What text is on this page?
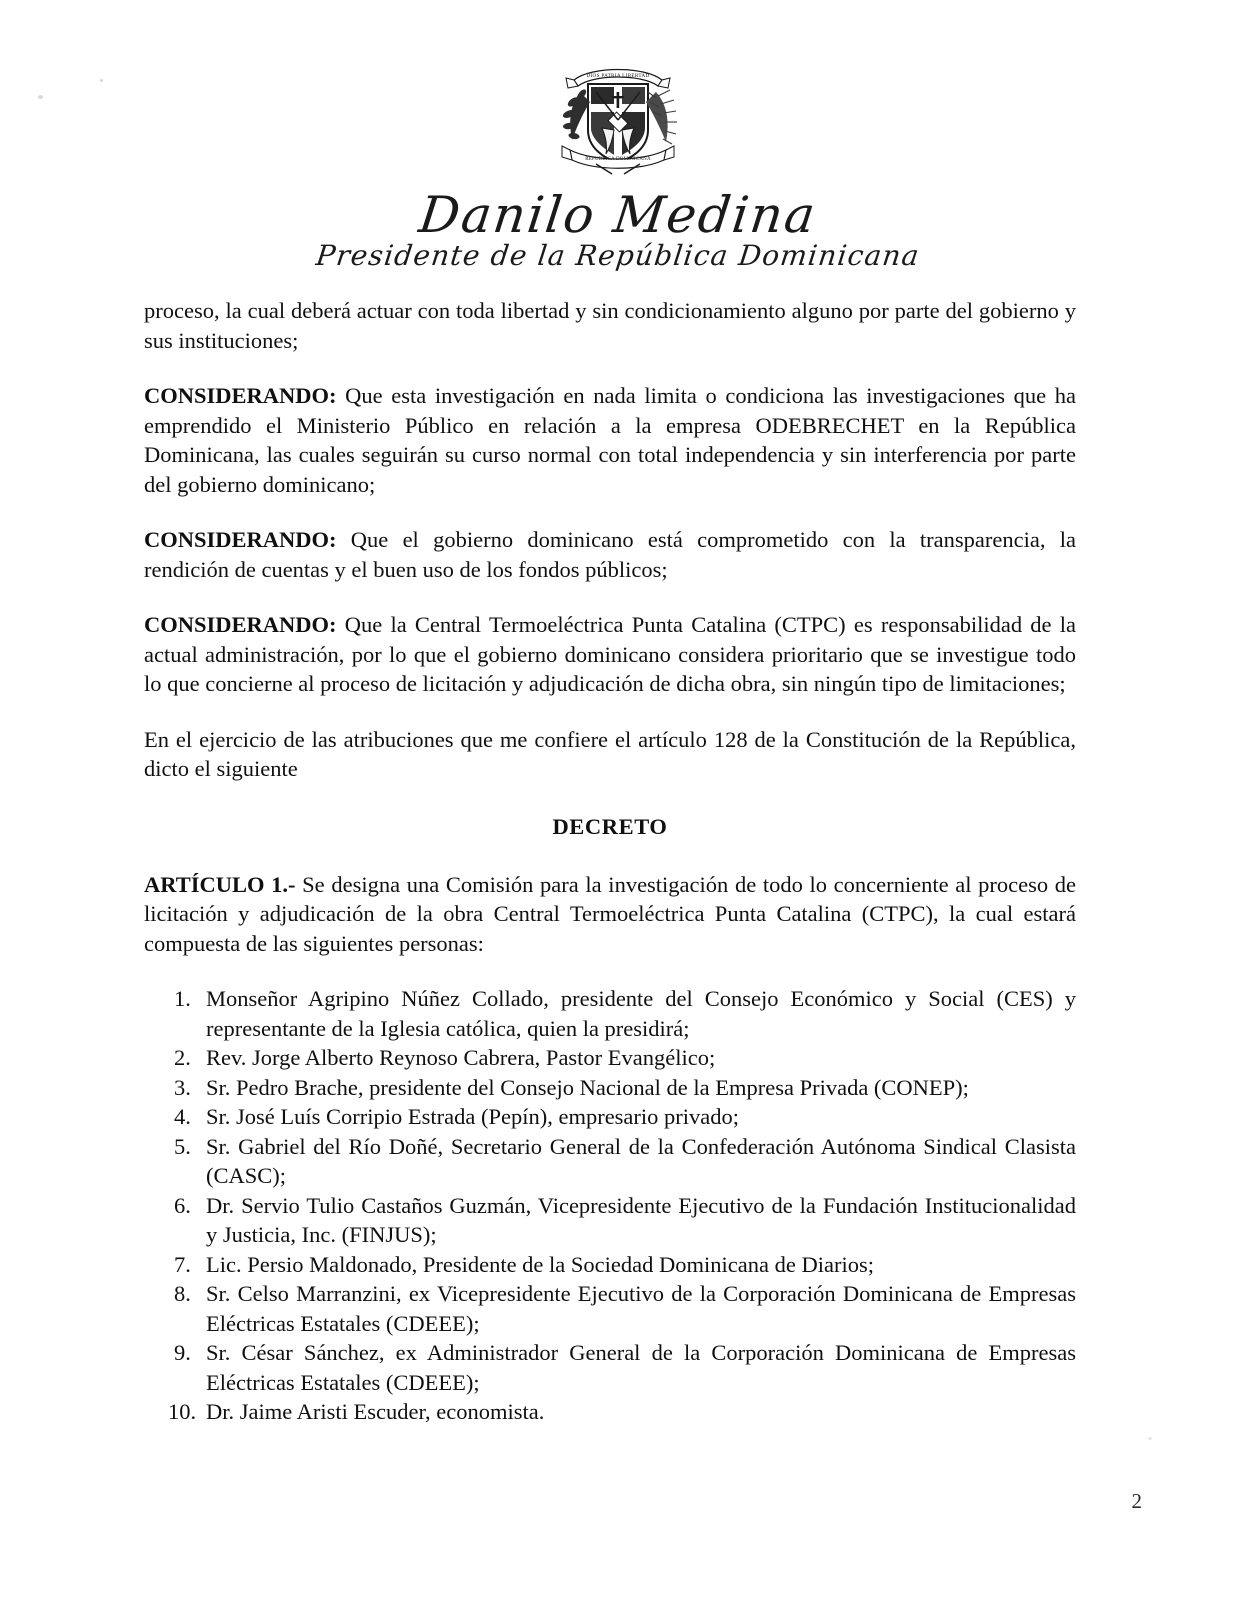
DIOS PATRIA LIBERTAD
REPUBLICA DOMINICANA
Danilo Medina
Presidente de la República Dominicana

proceso, la cual deberá actuar con toda libertad y sin condicionamiento alguno por parte del gobierno y sus instituciones;

CONSIDERANDO: Que esta investigación en nada limita o condiciona las investigaciones que ha emprendido el Ministerio Público en relación a la empresa ODEBRECHET en la República Dominicana, las cuales seguirán su curso normal con total independencia y sin interferencia por parte del gobierno dominicano;

CONSIDERANDO: Que el gobierno dominicano está comprometido con la transparencia, la rendición de cuentas y el buen uso de los fondos públicos;

CONSIDERANDO: Que la Central Termoeléctrica Punta Catalina (CTPC) es responsabilidad de la actual administración, por lo que el gobierno dominicano considera prioritario que se investigue todo lo que concierne al proceso de licitación y adjudicación de dicha obra, sin ningún tipo de limitaciones;

En el ejercicio de las atribuciones que me confiere el artículo 128 de la Constitución de la República, dicto el siguiente

DECRETO

ARTÍCULO 1.- Se designa una Comisión para la investigación de todo lo concerniente al proceso de licitación y adjudicación de la obra Central Termoeléctrica Punta Catalina (CTPC), la cual estará compuesta de las siguientes personas:

1. Monseñor Agripino Núñez Collado, presidente del Consejo Económico y Social (CES) y representante de la Iglesia católica, quien la presidirá;
2. Rev. Jorge Alberto Reynoso Cabrera, Pastor Evangélico;
3. Sr. Pedro Brache, presidente del Consejo Nacional de la Empresa Privada (CONEP);
4. Sr. José Luís Corripio Estrada (Pepín), empresario privado;
5. Sr. Gabriel del Río Doñé, Secretario General de la Confederación Autónoma Sindical Clasista (CASC);
6. Dr. Servio Tulio Castaños Guzmán, Vicepresidente Ejecutivo de la Fundación Institucionalidad y Justicia, Inc. (FINJUS);
7. Lic. Persio Maldonado, Presidente de la Sociedad Dominicana de Diarios;
8. Sr. Celso Marranzini, ex Vicepresidente Ejecutivo de la Corporación Dominicana de Empresas Eléctricas Estatales (CDEEE);
9. Sr. César Sánchez, ex Administrador General de la Corporación Dominicana de Empresas Eléctricas Estatales (CDEEE);
10. Dr. Jaime Aristi Escuder, economista.
2
